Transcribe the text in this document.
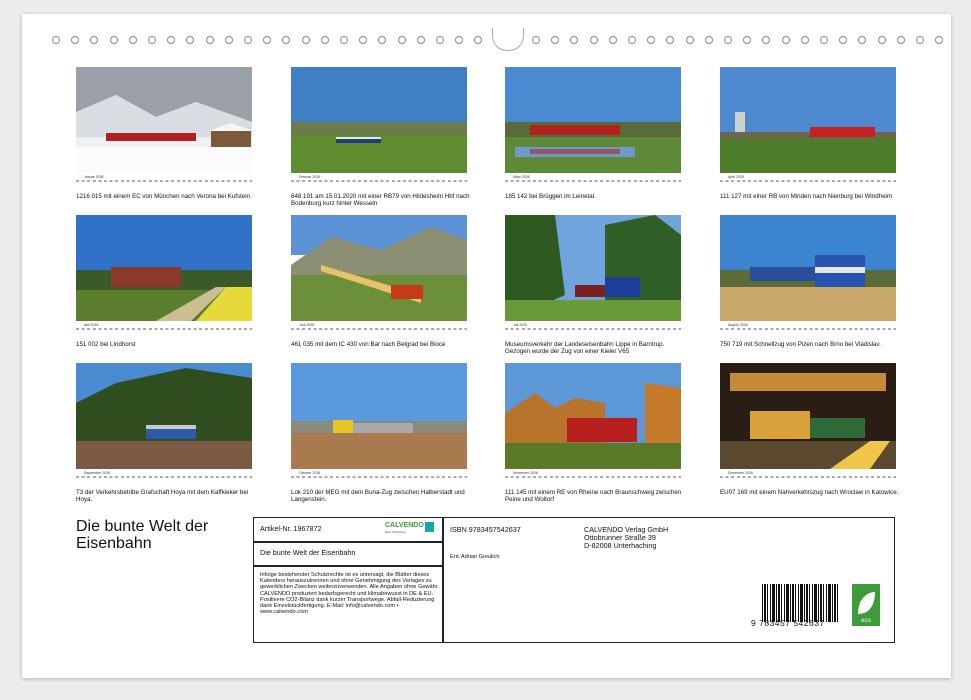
Januar 2026	Februar 2026	März 2026	April 2026
Mai 2026	Juni 2026	Juli 2026	August 2026
September 2026	Oktober 2026	November 2026	Dezember 2026
1216 015 mit einem EC von München nach Verona bei Kufstein	648 191 am 15.01.2020 mit einer RB79 von Hildesheim Hbf nach Bodenburg kurz hinter Wesseln
185 142 bei Brüggen im Leinetal.	111 127 mit einer RB von Minden nach Nienburg bei Windheim
151 002 bei Lindhorst	461 035 mit dem IC 430 von Bar nach Belgrad bei Bioce	Museumsverkehr der Landeseisenbahn Lippe in Barntrup. Gezogen wurde der Zug von einer Kieler V65
750 719 mit Schnellzug von Pizen nach Brno bei Vladislav.
T3 der Verkehrsbetribe Grafschaft Hoya mit dem Kaffkieker bei Hoya.
Lok 210 der MEG mit dem Buna-Zug zwischen Halberstadt und Langenstein.
111 145 mit einem RE von Rheine nach Braunschweig zwischen Peine und Woltorf
EU07 169 mit einem Nahverkehrszug nach Wroclaw in Katowice.
Die bunte Welt der Eisenbahn
Artikel-Nr. 1967872	CALVENDO
Best Publishing
Die bunte Welt der Eisenbahn
Infolge bestehender Schutzrechte ist es untersagt, die Blätter dieses Kalenders herauszutrennen und ohne Genehmigung des Verlages zu gewerblichen Zwecken weiterzuverwenden. Alle Angaben ohne Gewähr. CALVENDO produziert bedarfsgerecht und klimabewusst in DE & EU. Positivere CO2-Bilanz dank kurzer Transportwege. Abfall-Reduzierung dank Einzelstückfertigung. E-Mail: info@calvendo.com • www.calvendo.com
ISBN 9783457542637
Eric Adrian Greulich
CALVENDO Verlag GmbH
Ottobrunner Straße 39
D-82008 Unterhaching
9 783457 542637	eco
